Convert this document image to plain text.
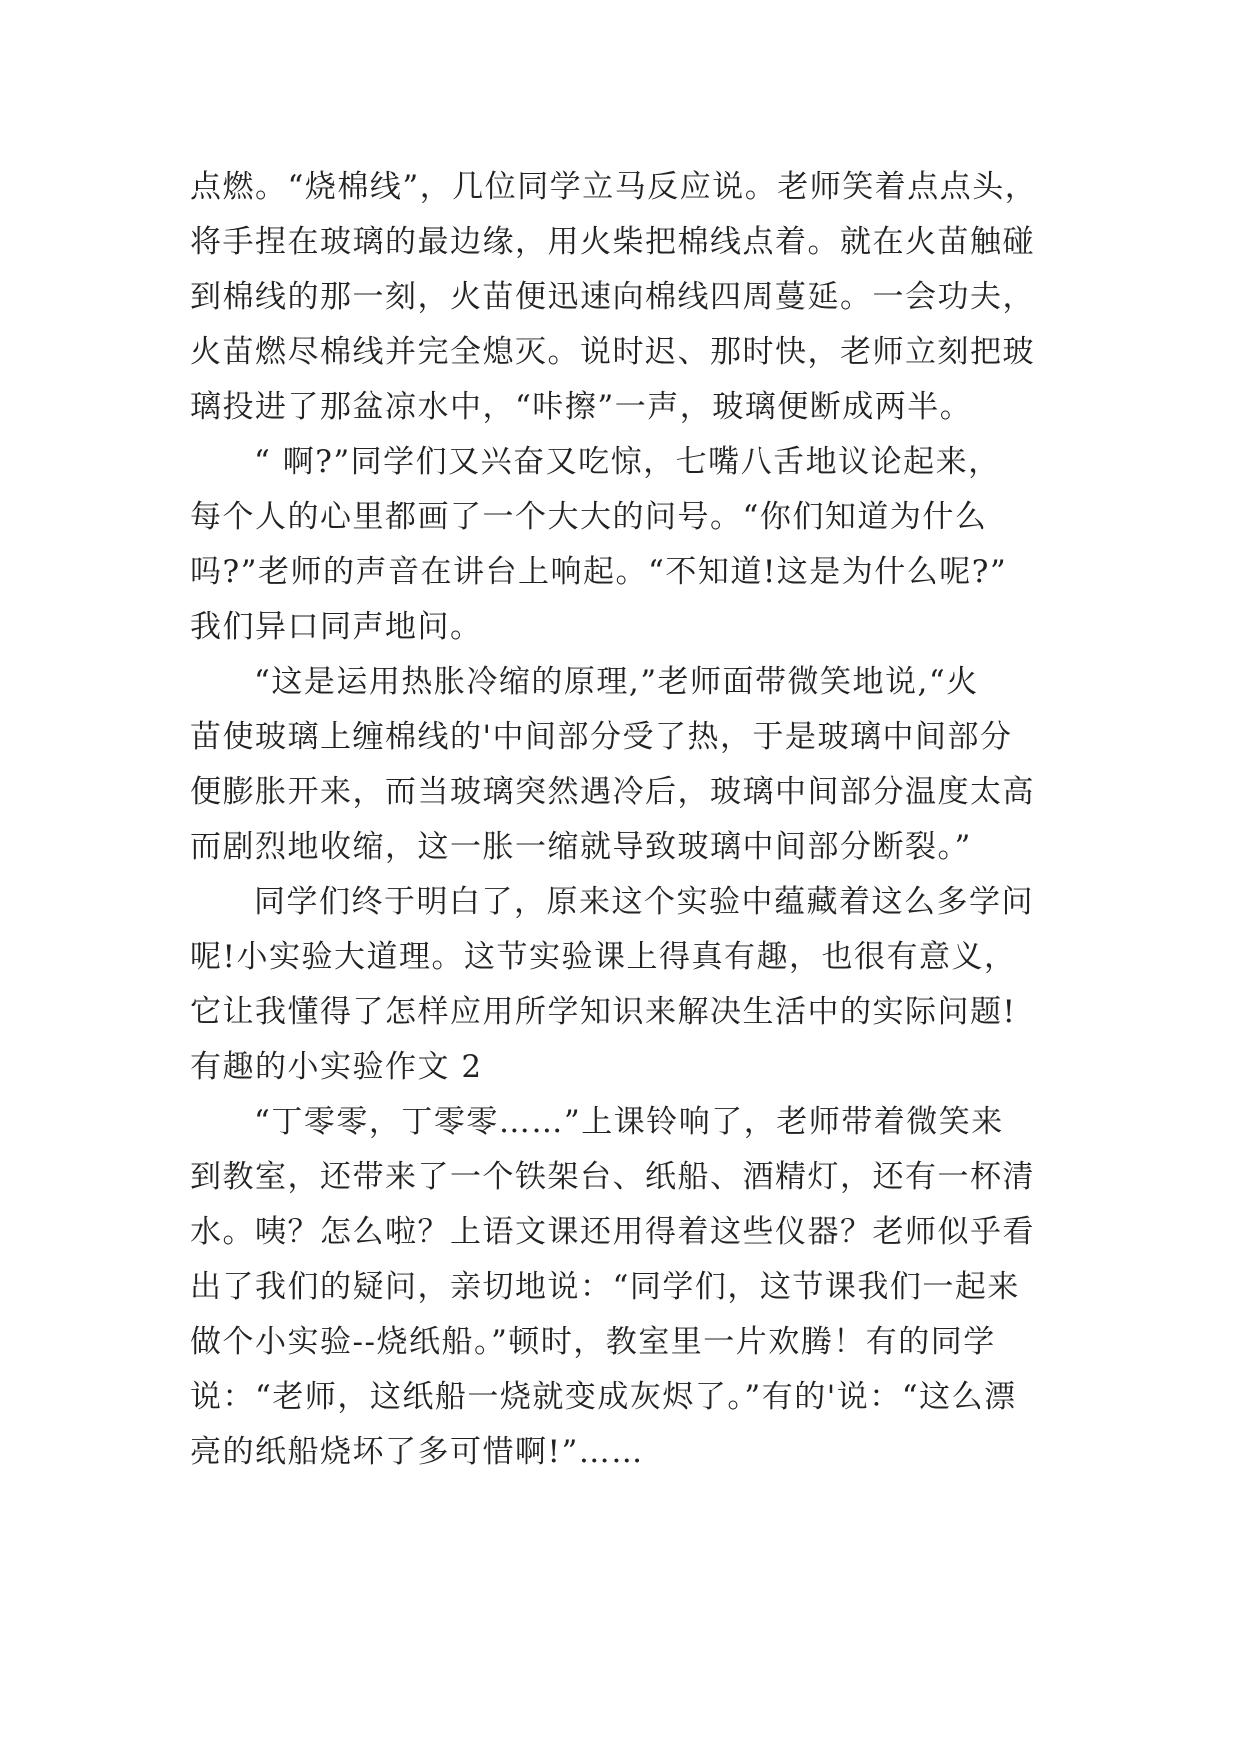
点燃。“烧棉线”，几位同学立马反应说。老师笑着点点头，
将手捏在玻璃的最边缘，用火柴把棉线点着。就在火苗触碰
到棉线的那一刻，火苗便迅速向棉线四周蔓延。一会功夫，
火苗燃尽棉线并完全熄灭。说时迟、那时快，老师立刻把玻
璃投进了那盆凉水中，“咔擦”一声，玻璃便断成两半。
“ 啊?”同学们又兴奋又吃惊，七嘴八舌地议论起来，
每个人的心里都画了一个大大的问号。“你们知道为什么
吗?”老师的声音在讲台上响起。“不知道!这是为什么呢?”
我们异口同声地问。
“这是运用热胀冷缩的原理,”老师面带微笑地说,“火
苗使玻璃上缠棉线的'中间部分受了热，于是玻璃中间部分
便膨胀开来，而当玻璃突然遇冷后，玻璃中间部分温度太高
而剧烈地收缩，这一胀一缩就导致玻璃中间部分断裂。”
同学们终于明白了，原来这个实验中蕴藏着这么多学问
呢!小实验大道理。这节实验课上得真有趣，也很有意义，
它让我懂得了怎样应用所学知识来解决生活中的实际问题!
有趣的小实验作文 2
“丁零零，丁零零……”上课铃响了，老师带着微笑来
到教室，还带来了一个铁架台、纸船、酒精灯，还有一杯清
水。咦？怎么啦？上语文课还用得着这些仪器？老师似乎看
出了我们的疑问，亲切地说：“同学们，这节课我们一起来
做个小实验--烧纸船。”顿时，教室里一片欢腾！有的同学
说：“老师，这纸船一烧就变成灰烬了。”有的'说：“这么漂
亮的纸船烧坏了多可惜啊!”……
